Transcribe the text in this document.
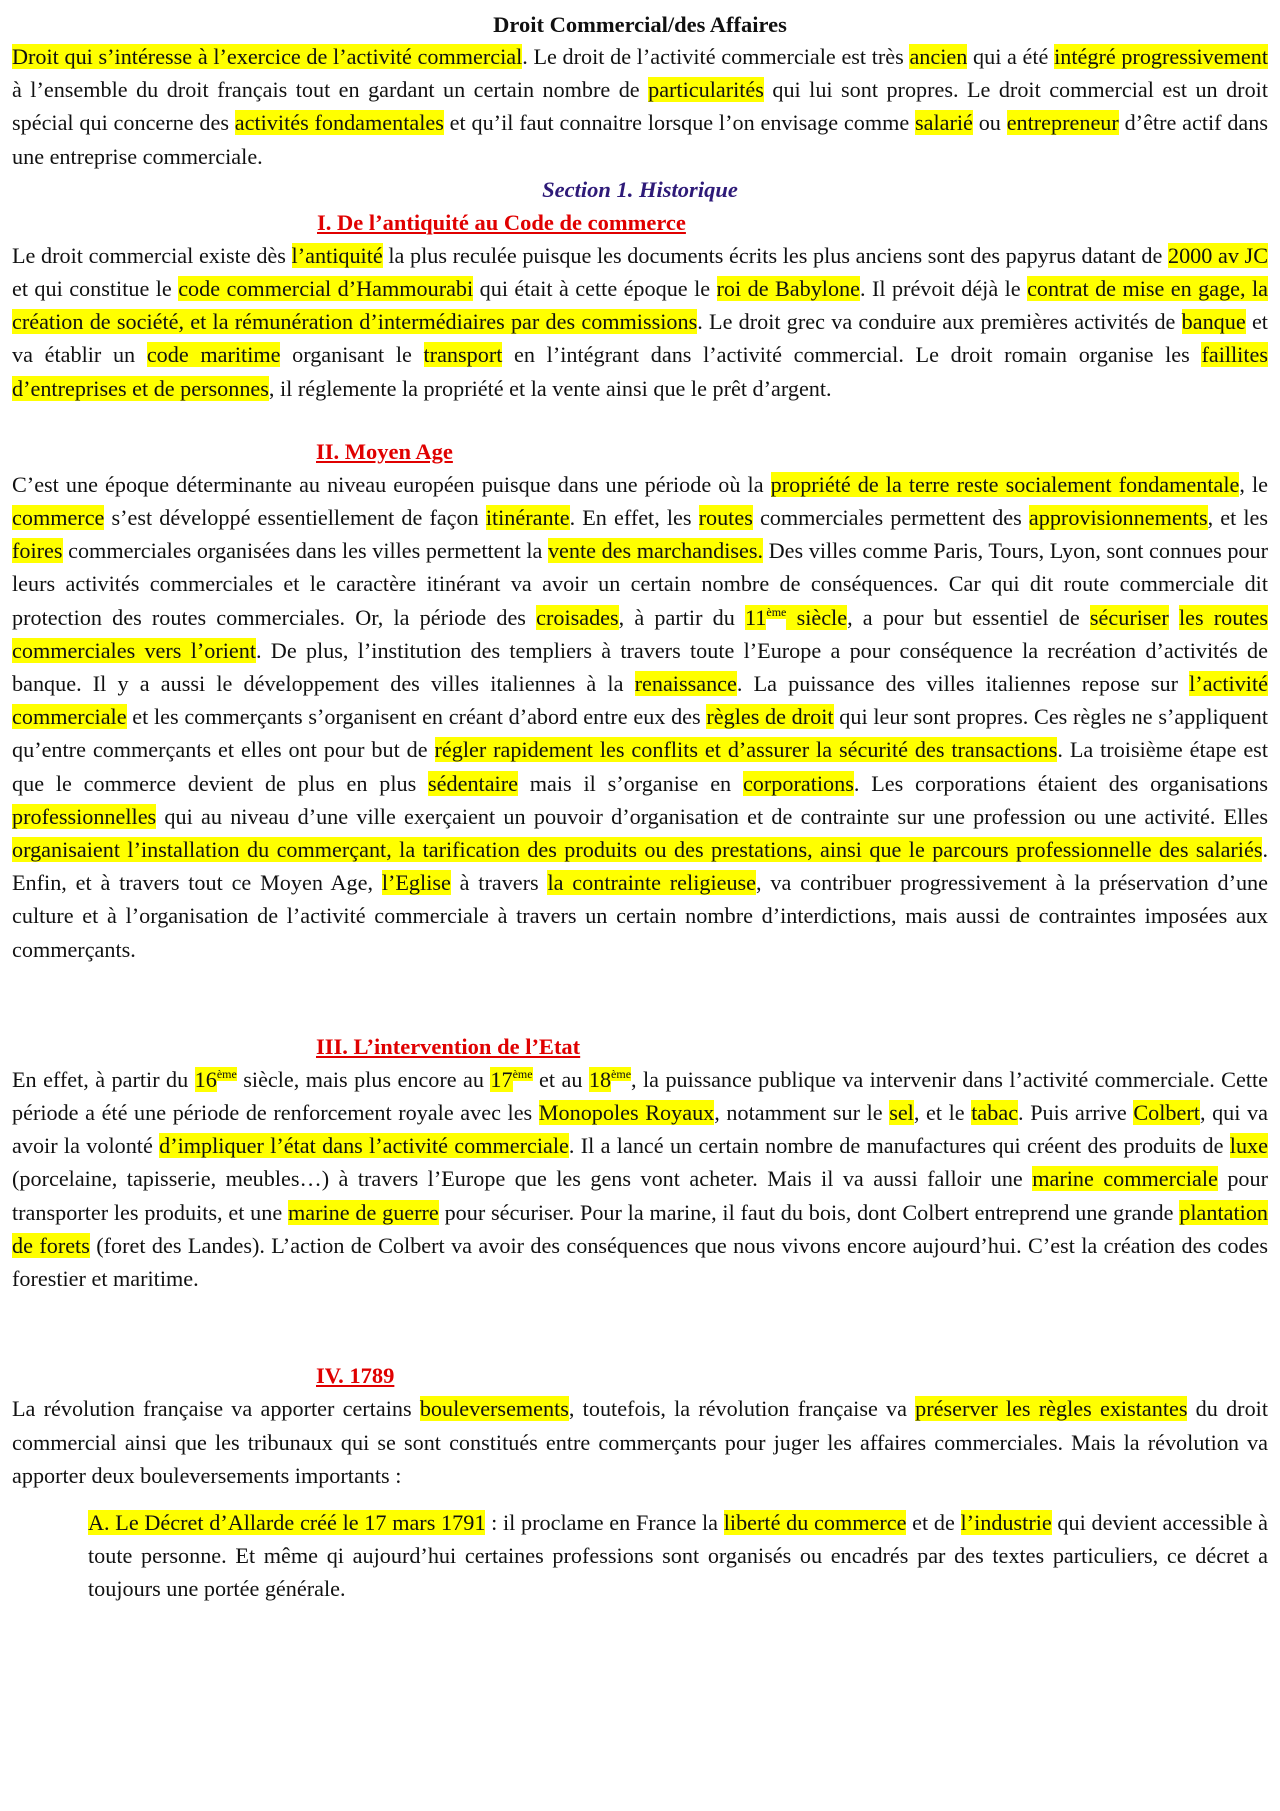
Droit Commercial/des Affaires

Droit qui s’intéresse à l’exercice de l’activité commercial. Le droit de l’activité commerciale est très ancien qui a été intégré progressivement à l’ensemble du droit français tout en gardant un certain nombre de particularités qui lui sont propres. Le droit commercial est un droit spécial qui concerne des activités fondamentales et qu’il faut connaitre lorsque l’on envisage comme salarié ou entrepreneur d’être actif dans une entreprise commerciale.

Section 1. Historique
I. De l’antiquité au Code de commerce

Le droit commercial existe dès l’antiquité la plus reculée puisque les documents écrits les plus anciens sont des papyrus datant de 2000 av JC et qui constitue le code commercial d’Hammourabi qui était à cette époque le roi de Babylone. Il prévoit déjà le contrat de mise en gage, la création de société, et la rémunération d’intermédiaires par des commissions. Le droit grec va conduire aux premières activités de banque et va établir un code maritime organisant le transport en l’intégrant dans l’activité commercial. Le droit romain organise les faillites d’entreprises et de personnes, il réglemente la propriété et la vente ainsi que le prêt d’argent.

II. Moyen Age

C’est une époque déterminante au niveau européen puisque dans une période où la propriété de la terre reste socialement fondamentale, le commerce s’est développé essentiellement de façon itinérante. En effet, les routes commerciales permettent des approvisionnements, et les foires commerciales organisées dans les villes permettent la vente des marchandises. Des villes comme Paris, Tours, Lyon, sont connues pour leurs activités commerciales et le caractère itinérant va avoir un certain nombre de conséquences. Car qui dit route commerciale dit protection des routes commerciales. Or, la période des croisades, à partir du 11ème siècle, a pour but essentiel de sécuriser les routes commerciales vers l’orient. De plus, l’institution des templiers à travers toute l’Europe a pour conséquence la recréation d’activités de banque. Il y a aussi le développement des villes italiennes à la renaissance. La puissance des villes italiennes repose sur l’activité commerciale et les commerçants s’organisent en créant d’abord entre eux des règles de droit qui leur sont propres. Ces règles ne s’appliquent qu’entre commerçants et elles ont pour but de régler rapidement les conflits et d’assurer la sécurité des transactions. La troisième étape est que le commerce devient de plus en plus sédentaire mais il s’organise en corporations. Les corporations étaient des organisations professionnelles qui au niveau d’une ville exerçaient un pouvoir d’organisation et de contrainte sur une profession ou une activité. Elles organisaient l’installation du commerçant, la tarification des produits ou des prestations, ainsi que le parcours professionnelle des salariés. Enfin, et à travers tout ce Moyen Age, l’Eglise à travers la contrainte religieuse, va contribuer progressivement à la préservation d’une culture et à l’organisation de l’activité commerciale à travers un certain nombre d’interdictions, mais aussi de contraintes imposées aux commerçants.

III. L’intervention de l’Etat

En effet, à partir du 16ème siècle, mais plus encore au 17ème et au 18ème, la puissance publique va intervenir dans l’activité commerciale. Cette période a été une période de renforcement royale avec les Monopoles Royaux, notamment sur le sel, et le tabac. Puis arrive Colbert, qui va avoir la volonté d’impliquer l’état dans l’activité commerciale. Il a lancé un certain nombre de manufactures qui créent des produits de luxe (porcelaine, tapisserie, meubles…) à travers l’Europe que les gens vont acheter. Mais il va aussi falloir une marine commerciale pour transporter les produits, et une marine de guerre pour sécuriser. Pour la marine, il faut du bois, dont Colbert entreprend une grande plantation de forets (foret des Landes). L’action de Colbert va avoir des conséquences que nous vivons encore aujourd’hui. C’est la création des codes forestier et maritime.

IV. 1789

La révolution française va apporter certains bouleversements, toutefois, la révolution française va préserver les règles existantes du droit commercial ainsi que les tribunaux qui se sont constitués entre commerçants pour juger les affaires commerciales. Mais la révolution va apporter deux bouleversements importants :

A. Le Décret d’Allarde créé le 17 mars 1791 : il proclame en France la liberté du commerce et de l’industrie qui devient accessible à toute personne. Et même qi aujourd’hui certaines professions sont organisés ou encadrés par des textes particuliers, ce décret a toujours une portée générale.
